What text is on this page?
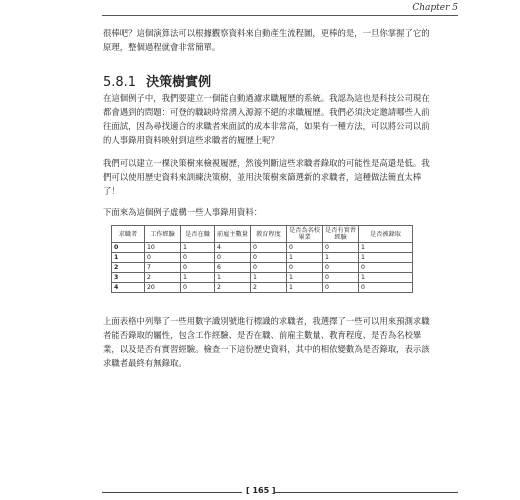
Chapter 5

很棒吧？這個演算法可以根據觀察資料來自動產生流程圖，更棒的是，一旦你掌握了它的原理，整個過程就會非常簡單。

5.8.1 決策樹實例

在這個例子中，我們要建立一個能自動過濾求職履歷的系統。我認為這也是科技公司現在都會遇到的問題：可登的職缺時常湧入源源不絕的求職履歷。我們必須決定邀請哪些人前往面試，因為尋找適合的求職者來面試的成本非常高，如果有一種方法，可以將公司以前的人事錄用資料映射到這些求職者的履歷上呢？

我們可以建立一棵決策樹來檢視履歷，然後判斷這些求職者錄取的可能性是高還是低。我們可以使用歷史資料來訓練決策樹，並用決策樹來篩選新的求職者，這種做法簡直太棒了！

下面來為這個例子虛構一些人事錄用資料：

求職者	工作經驗	是否在職	前雇主數量	教育程度	是否為名校畢業	是否有實習經驗	是否被錄取
0	10	1	4	0	0	0	1
1	0	0	0	0	1	1	1
2	7	0	6	0	0	0	0
3	2	1	1	1	1	0	1
4	20	0	2	2	1	0	0

上面表格中列舉了一些用數字識別號進行標識的求職者，我選擇了一些可以用來預測求職者能否錄取的屬性，包含工作經驗、是否在職、前雇主數量、教育程度、是否為名校畢業，以及是否有實習經驗。檢查一下這份歷史資料，其中的相依變數為是否錄取，表示該求職者最終有無錄取。

[ 165 ]
